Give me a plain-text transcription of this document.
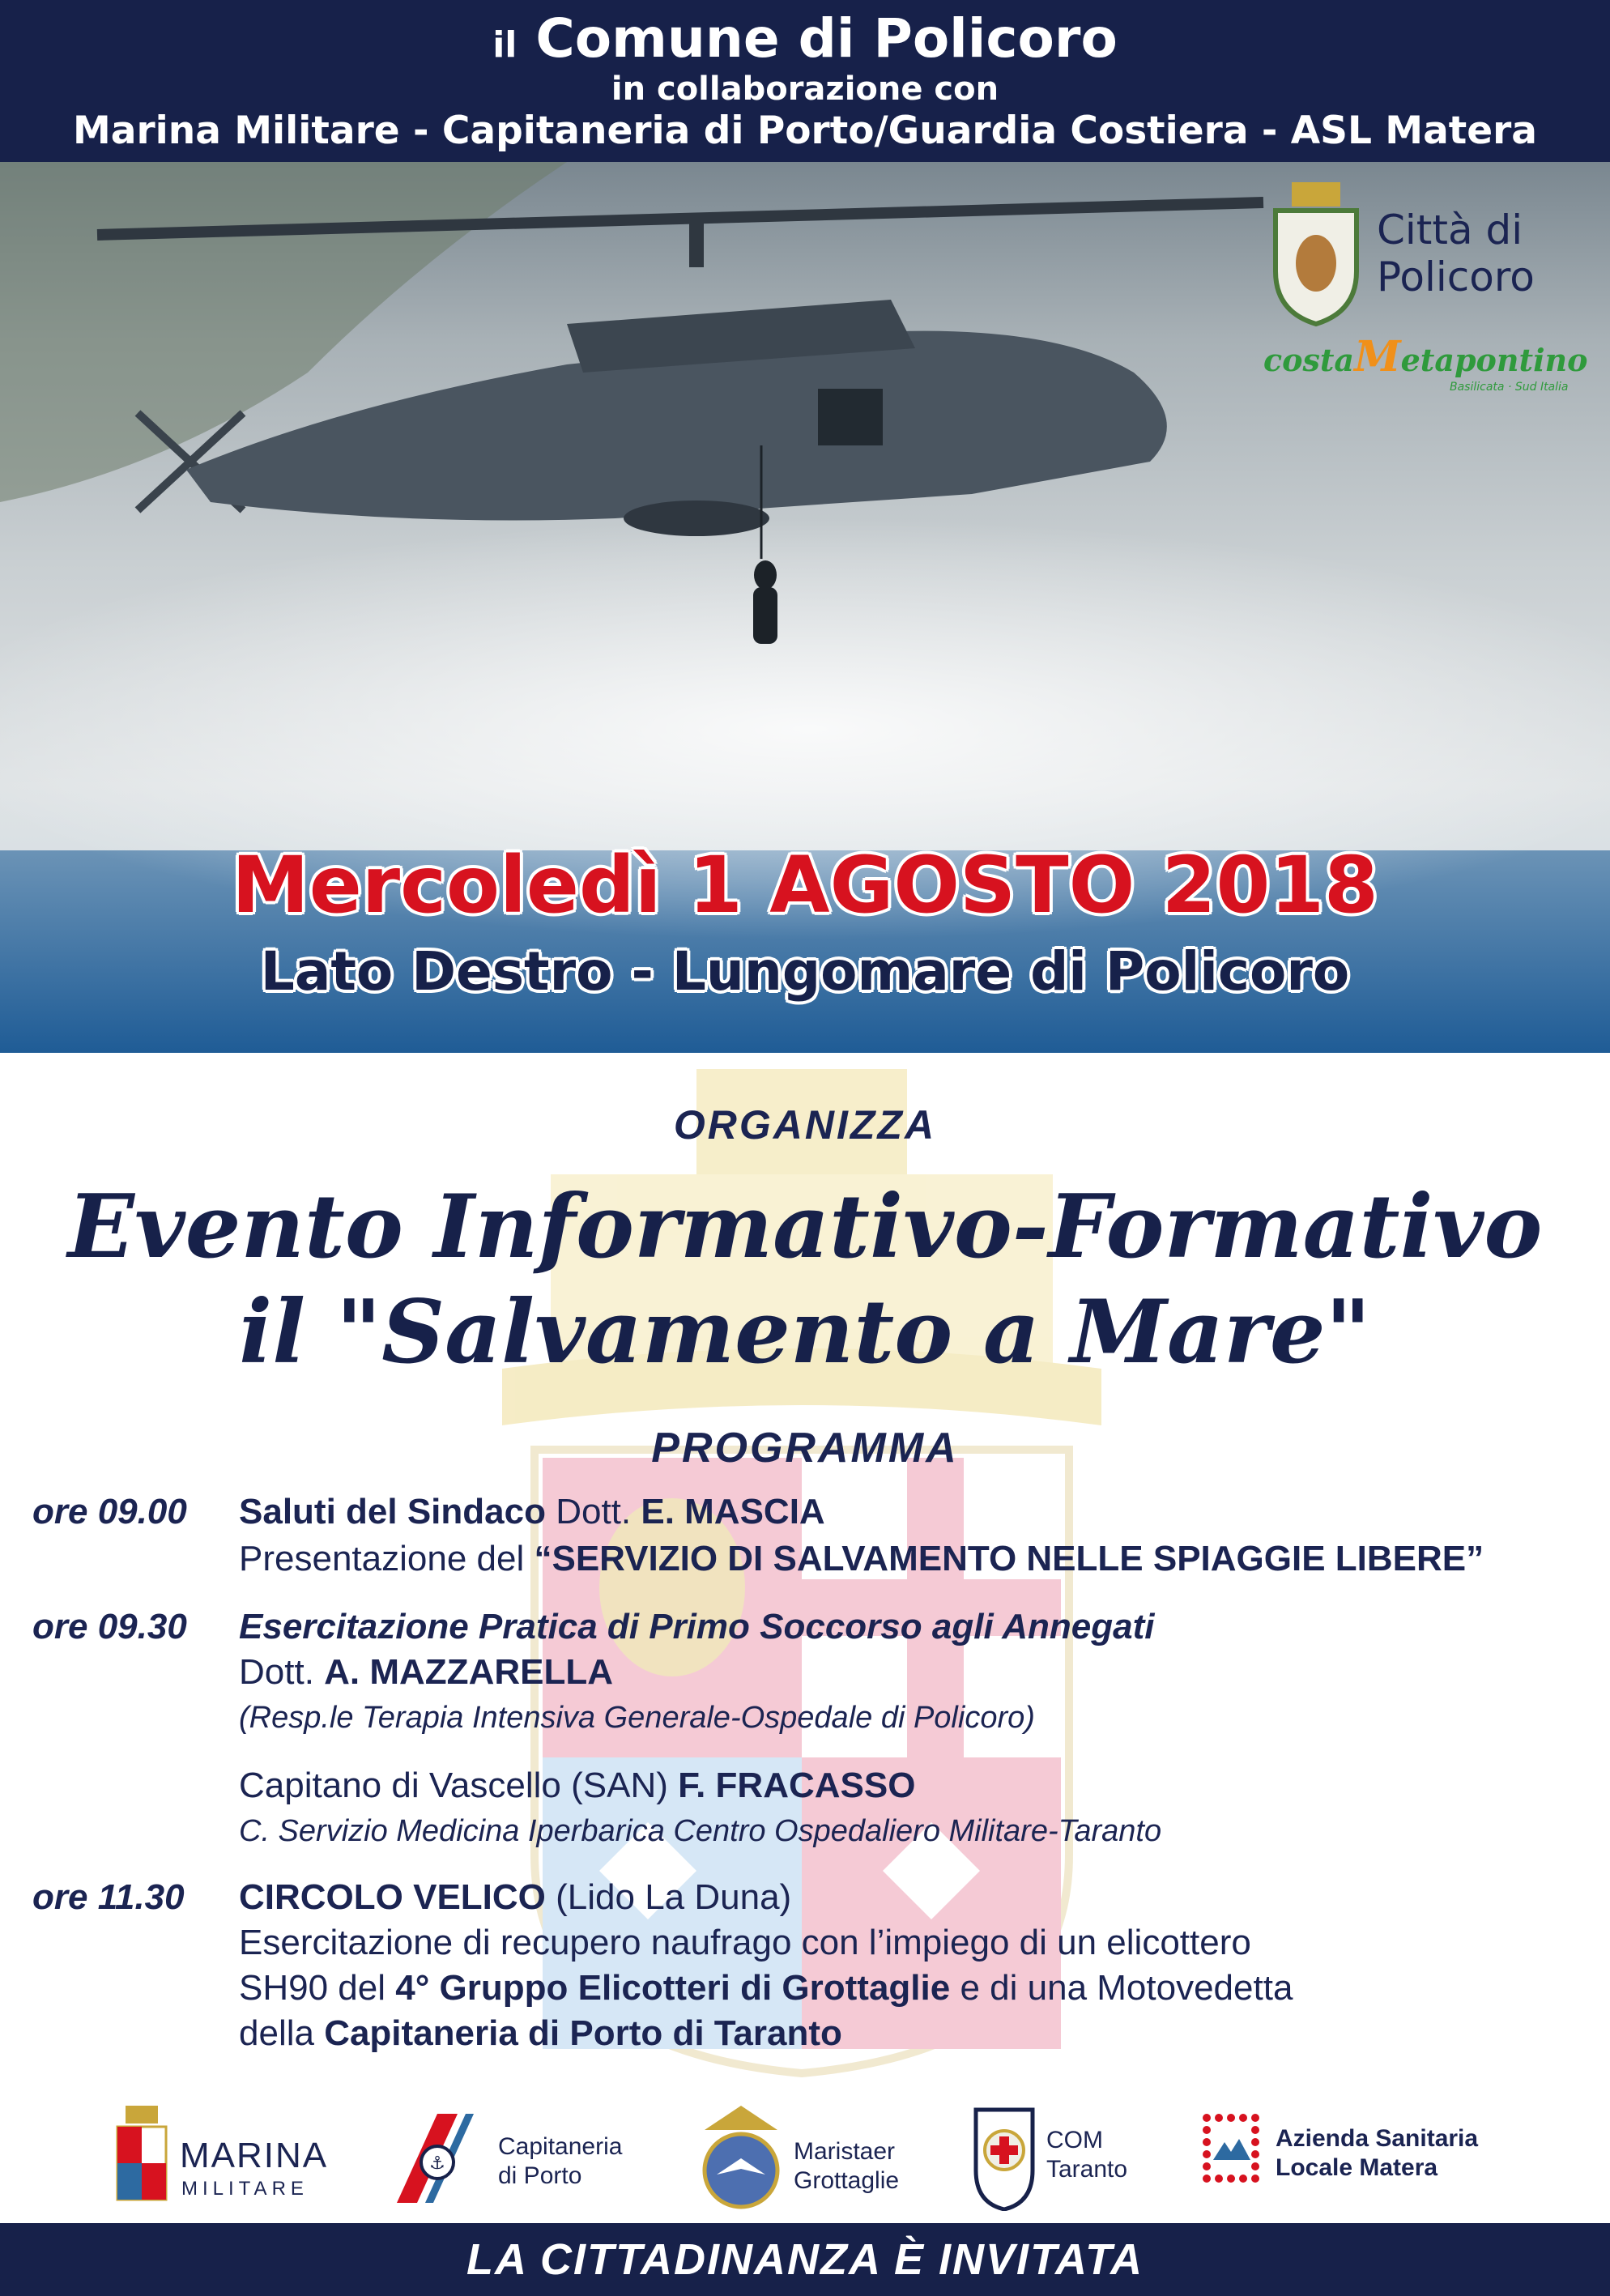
il Comune di Policoro
in collaborazione con
Marina Militare - Capitaneria di Porto/Guardia Costiera - ASL Matera
Città di
Policoro
costaMetapontino
Basilicata · Sud Italia
Mercoledì 1 AGOSTO 2018
Lato Destro - Lungomare di Policoro
ORGANIZZA
Evento Informativo-Formativo
il "Salvamento a Mare"
PROGRAMMA
ore 09.00 Saluti del Sindaco Dott. E. MASCIA
Presentazione del “SERVIZIO DI SALVAMENTO NELLE SPIAGGIE LIBERE”
ore 09.30 Esercitazione Pratica di Primo Soccorso agli Annegati
Dott. A. MAZZARELLA
(Resp.le Terapia Intensiva Generale-Ospedale di Policoro)
Capitano di Vascello (SAN) F. FRACASSO
C. Servizio Medicina Iperbarica Centro Ospedaliero Militare-Taranto
ore 11.30 CIRCOLO VELICO (Lido La Duna)
Esercitazione di recupero naufrago con l’impiego di un elicottero
SH90 del 4° Gruppo Elicotteri di Grottaglie e di una Motovedetta
della Capitaneria di Porto di Taranto
MARINA
MILITARE
⚓
Capitaneria
di Porto
Maristaer
Grottaglie
COM
Taranto
Azienda Sanitaria
Locale Matera
LA CITTADINANZA È INVITATA
